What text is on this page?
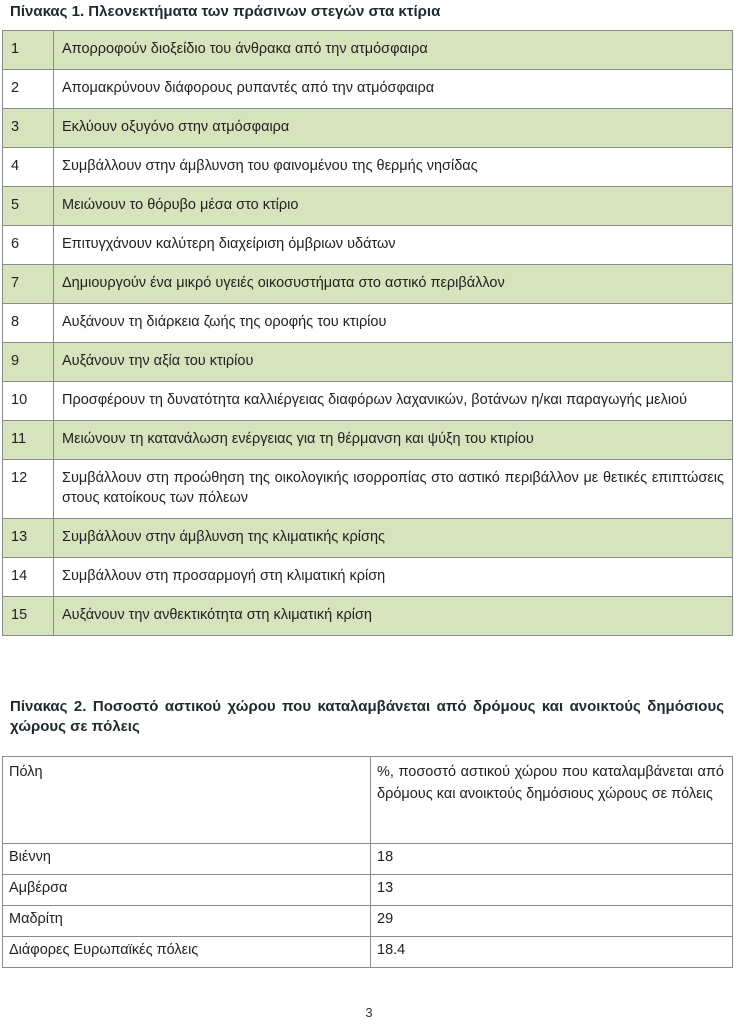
Πίνακας 1. Πλεονεκτήματα των πράσινων στεγών στα κτίρια
1	Απορροφούν διοξείδιο του άνθρακα από την ατμόσφαιρα
2	Απομακρύνουν διάφορους ρυπαντές από την ατμόσφαιρα
3	Εκλύουν οξυγόνο στην ατμόσφαιρα
4	Συμβάλλουν στην άμβλυνση του φαινομένου της θερμής νησίδας
5	Μειώνουν το θόρυβο μέσα στο κτίριο
6	Επιτυγχάνουν καλύτερη διαχείριση όμβριων υδάτων
7	Δημιουργούν ένα μικρό υγειές οικοσυστήματα στο αστικό περιβάλλον
8	Αυξάνουν τη διάρκεια ζωής της οροφής του κτιρίου
9	Αυξάνουν την αξία του κτιρίου
10	Προσφέρουν τη δυνατότητα καλλιέργειας διαφόρων λαχανικών, βοτάνων η/και παραγωγής μελιού
11	Μειώνουν τη κατανάλωση ενέργειας για τη θέρμανση και ψύξη του κτιρίου
12	Συμβάλλουν στη προώθηση της οικολογικής ισορροπίας στο αστικό περιβάλλον με θετικές επιπτώσεις στους κατοίκους των πόλεων
13	Συμβάλλουν στην άμβλυνση της κλιματικής κρίσης
14	Συμβάλλουν στη προσαρμογή στη κλιματική κρίση
15	Αυξάνουν την ανθεκτικότητα στη κλιματική κρίση
Πίνακας 2. Ποσοστό αστικού χώρου που καταλαμβάνεται από δρόμους και ανοικτούς δημόσιους χώρους σε πόλεις
Πόλη	%, ποσοστό αστικού χώρου που καταλαμβάνεται από δρόμους και ανοικτούς δημόσιους χώρους σε πόλεις
Βιέννη	18
Αμβέρσα	13
Μαδρίτη	29
Διάφορες Ευρωπαϊκές πόλεις	18.4
3
